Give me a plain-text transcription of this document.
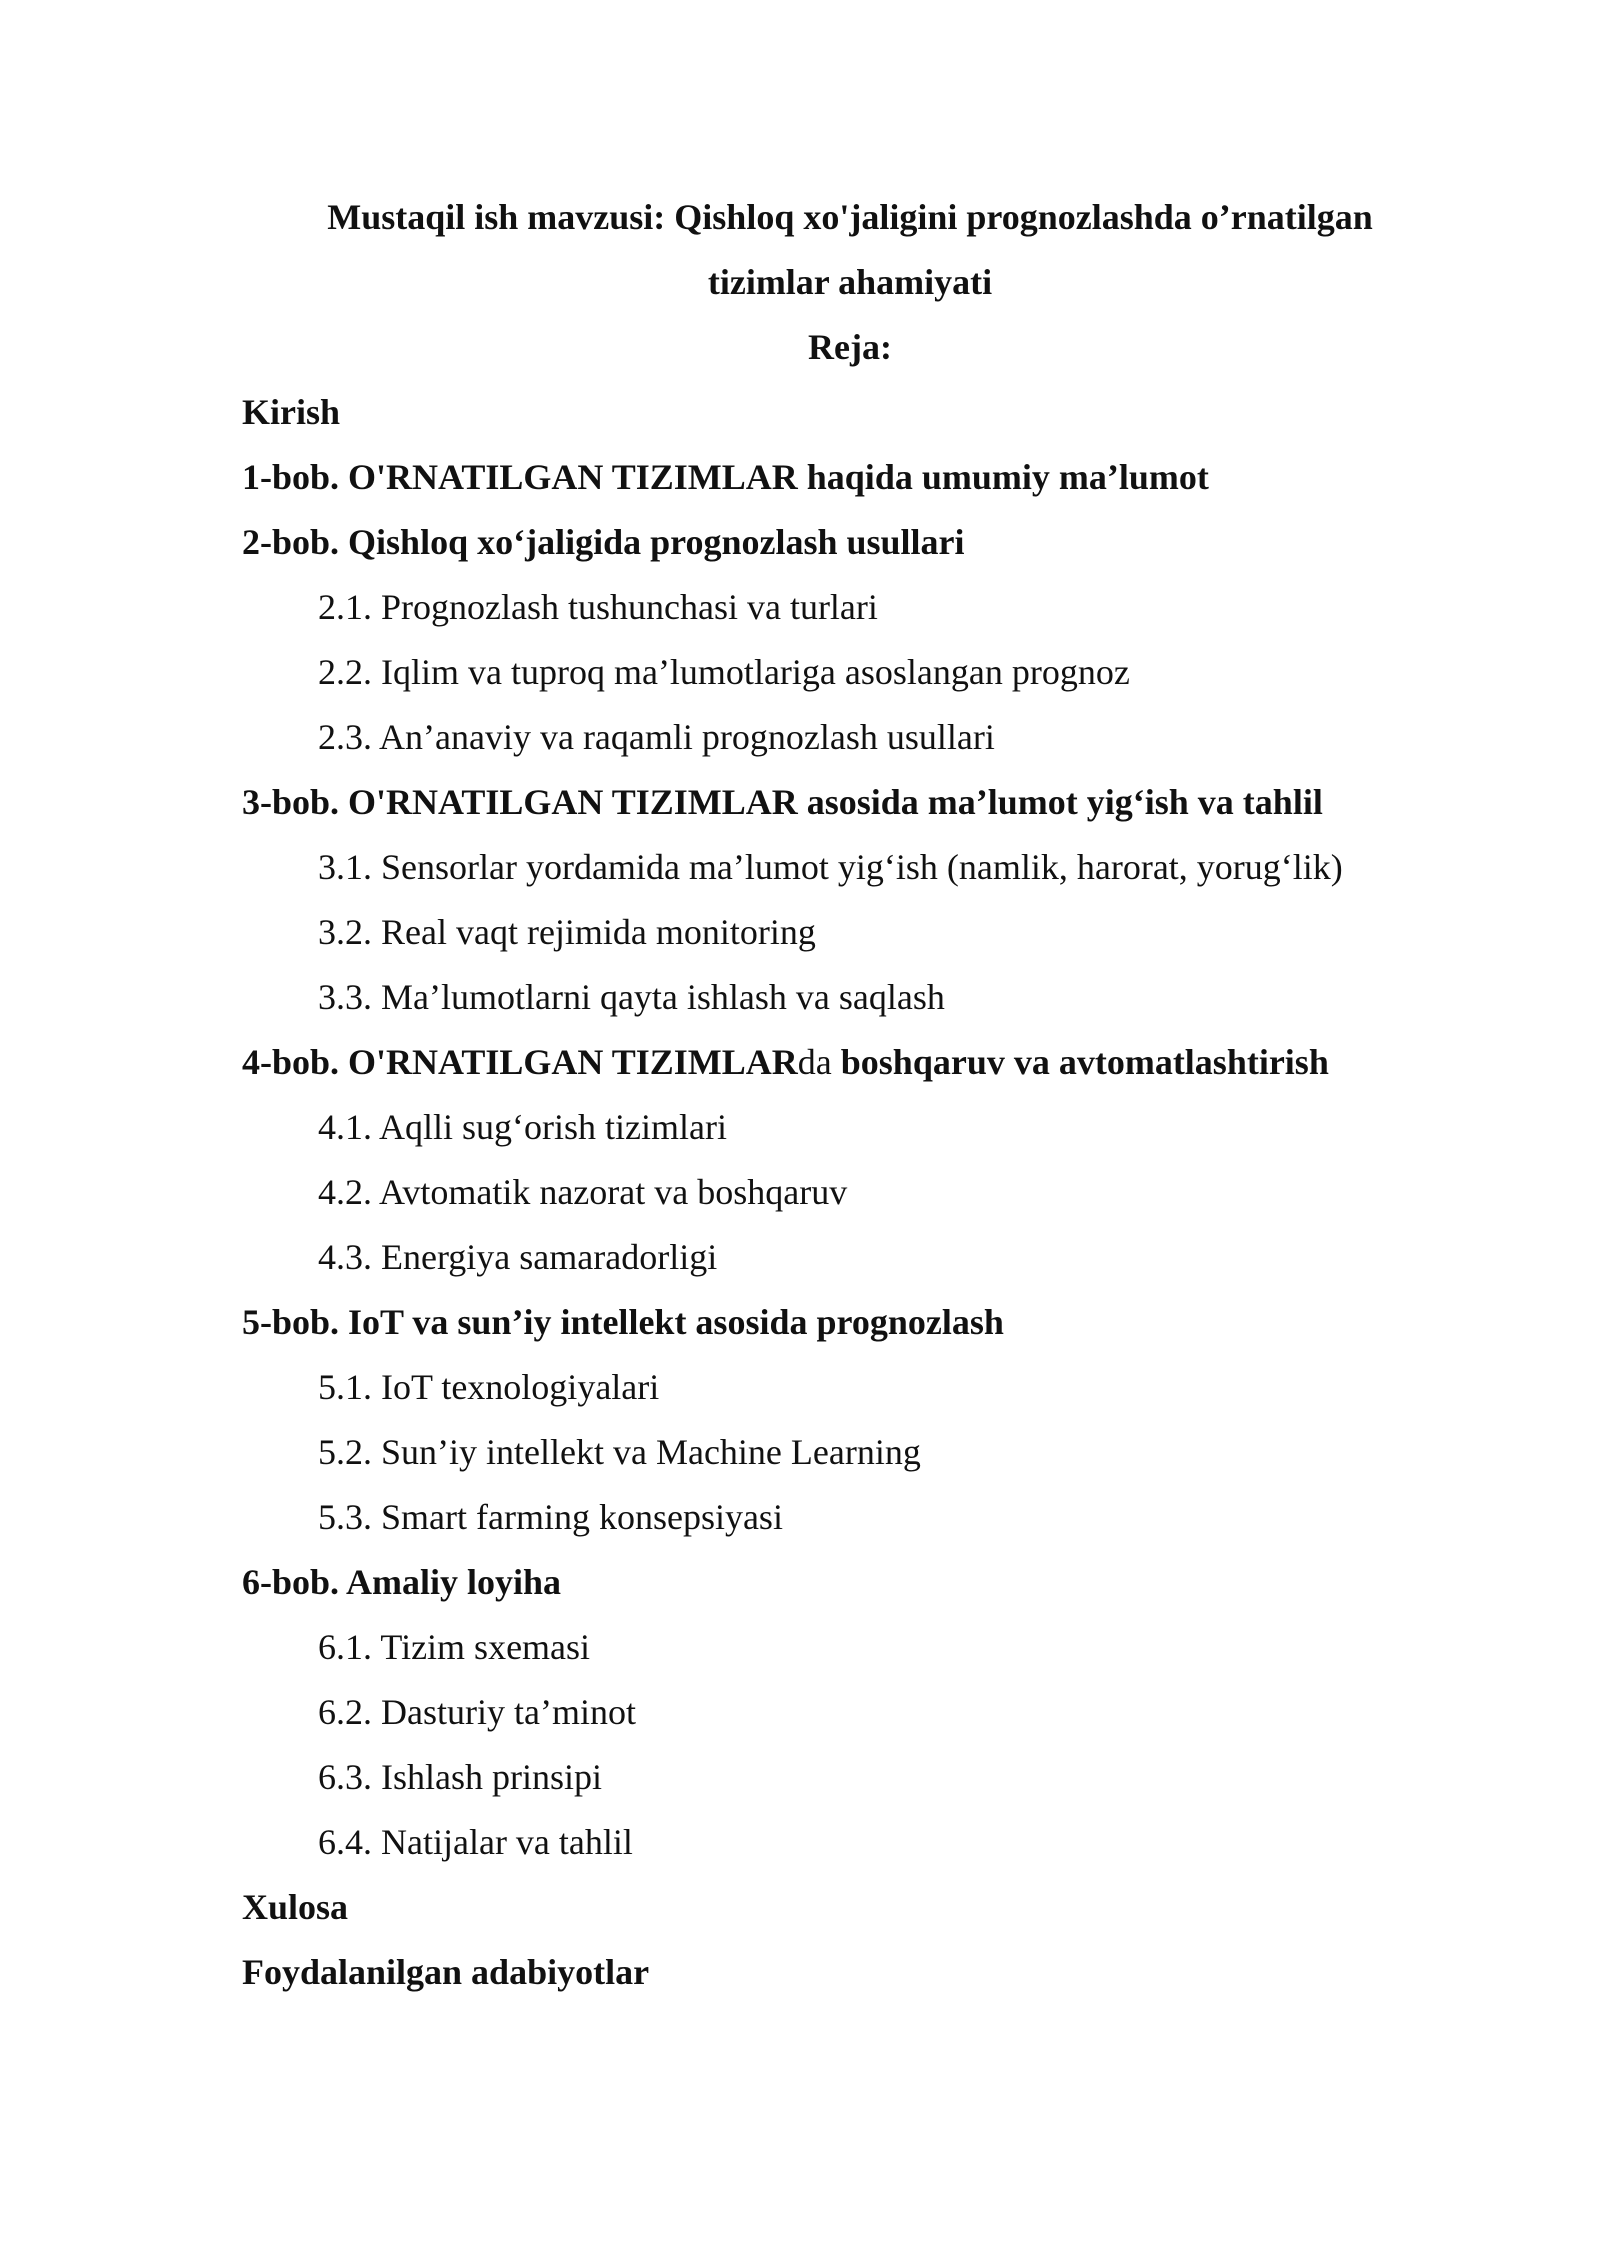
Mustaqil ish mavzusi: Qishloq xo'jaligini prognozlashda o’rnatilgan
tizimlar ahamiyati
Reja:
Kirish
1-bob. O'RNATILGAN TIZIMLAR haqida umumiy ma’lumot
2-bob. Qishloq xo‘jaligida prognozlash usullari
2.1. Prognozlash tushunchasi va turlari
2.2. Iqlim va tuproq ma’lumotlariga asoslangan prognoz
2.3. An’anaviy va raqamli prognozlash usullari
3-bob. O'RNATILGAN TIZIMLAR asosida ma’lumot yig‘ish va tahlil
3.1. Sensorlar yordamida ma’lumot yig‘ish (namlik, harorat, yorug‘lik)
3.2. Real vaqt rejimida monitoring
3.3. Ma’lumotlarni qayta ishlash va saqlash
4-bob. O'RNATILGAN TIZIMLARda boshqaruv va avtomatlashtirish
4.1. Aqlli sug‘orish tizimlari
4.2. Avtomatik nazorat va boshqaruv
4.3. Energiya samaradorligi
5-bob. IoT va sun’iy intellekt asosida prognozlash
5.1. IoT texnologiyalari
5.2. Sun’iy intellekt va Machine Learning
5.3. Smart farming konsepsiyasi
6-bob. Amaliy loyiha
6.1. Tizim sxemasi
6.2. Dasturiy ta’minot
6.3. Ishlash prinsipi
6.4. Natijalar va tahlil
Xulosa
Foydalanilgan adabiyotlar
